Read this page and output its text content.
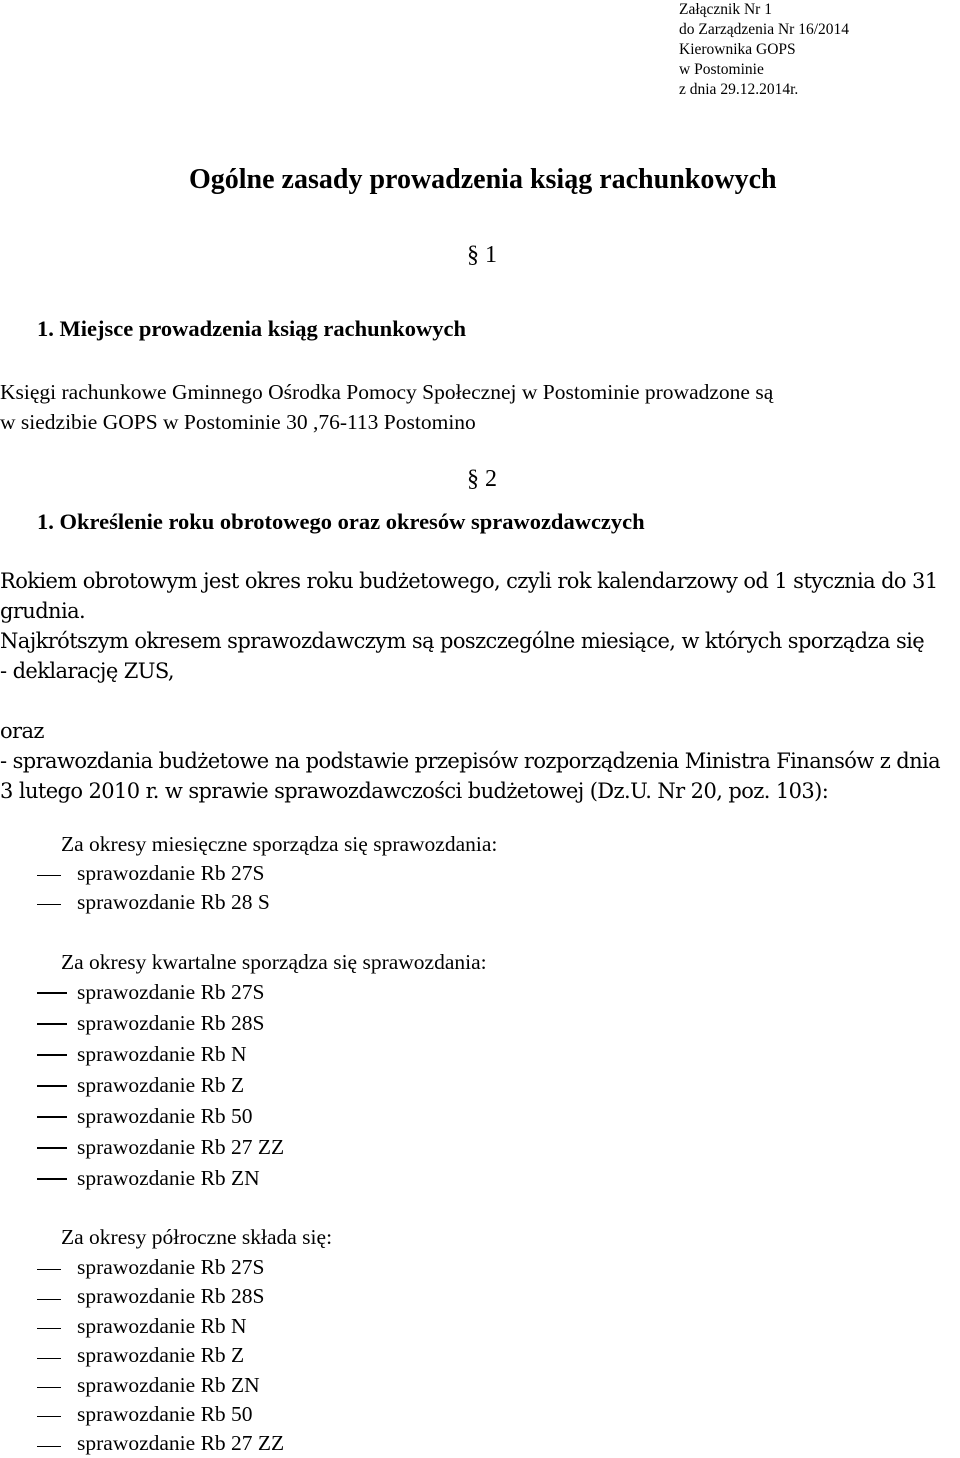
Załącznik Nr 1
do Zarządzenia Nr 16/2014
Kierownika GOPS
w Postominie
z dnia 29.12.2014r.
Ogólne zasady prowadzenia ksiąg rachunkowych
§ 1
1. Miejsce prowadzenia ksiąg rachunkowych
Księgi rachunkowe Gminnego Ośrodka Pomocy Społecznej w Postominie prowadzone są
w siedzibie GOPS w Postominie 30 ,76-113 Postomino
§ 2
1. Określenie roku obrotowego oraz okresów sprawozdawczych
Rokiem obrotowym jest okres roku budżetowego, czyli rok kalendarzowy od 1 stycznia do 31
grudnia.
Najkrótszym okresem sprawozdawczym są poszczególne miesiące, w których sporządza się
- deklarację ZUS,
oraz
- sprawozdania budżetowe na podstawie przepisów rozporządzenia Ministra Finansów z dnia
3 lutego 2010 r. w sprawie sprawozdawczości budżetowej (Dz.U. Nr 20, poz. 103):
Za okresy miesięczne sporządza się sprawozdania:
sprawozdanie Rb 27S
sprawozdanie Rb 28 S
Za okresy kwartalne sporządza się sprawozdania:
sprawozdanie Rb 27S
sprawozdanie Rb 28S
sprawozdanie Rb N
sprawozdanie Rb Z
sprawozdanie Rb 50
sprawozdanie Rb 27 ZZ
sprawozdanie Rb ZN
Za okresy półroczne składa się:
sprawozdanie Rb 27S
sprawozdanie Rb 28S
sprawozdanie Rb N
sprawozdanie Rb Z
sprawozdanie Rb ZN
sprawozdanie Rb 50
sprawozdanie Rb 27 ZZ
